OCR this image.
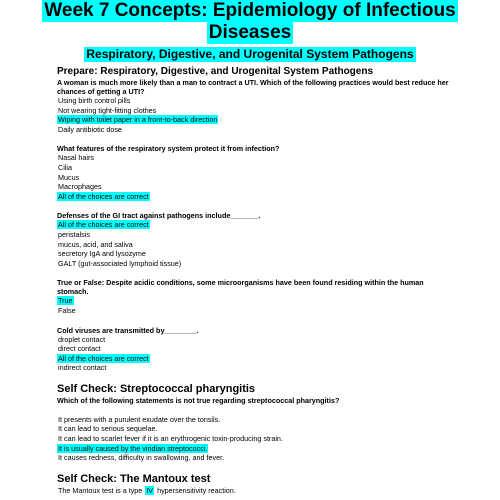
Week 7 Concepts: Epidemiology of Infectious
Diseases
Respiratory, Digestive, and Urogenital System Pathogens

Prepare: Respiratory, Digestive, and Urogenital System Pathogens

A woman is much more likely than a man to contract a UTI. Which of the following practices would best reduce her chances of getting a UTI?

Using birth control pills

Not wearing tight-fitting clothes

Wiping with toilet paper in a front-to-back direction

Daily antibiotic dose

What features of the respiratory system protect it from infection?

Nasal hairs

Cilia

Mucus

Macrophages

All of the choices are correct

Defenses of the GI tract against pathogens include_______.

All of the choices are correct

peristalsis

mucus, acid, and saliva

secretory IgA and lysozyme

GALT (gut-associated lymphoid tissue)

True or False: Despite acidic conditions, some microorganisms have been found residing within the human stomach.

True

False

Cold viruses are transmitted by________.

droplet contact

direct contact

All of the choices are correct

indirect contact

Self Check: Streptococcal pharyngitis

Which of the following statements is not true regarding streptococcal pharyngitis?

It presents with a purulent exudate over the tonsils.

It can lead to serious sequelae.

It can lead to scarlet fever if it is an erythrogenic toxin-producing strain.

It is usually caused by the viridian streptococci.

It causes redness, difficulty in swallowing, and fever.

Self Check: The Mantoux test

The Mantoux test is a type IV hypersensitivity reaction.
